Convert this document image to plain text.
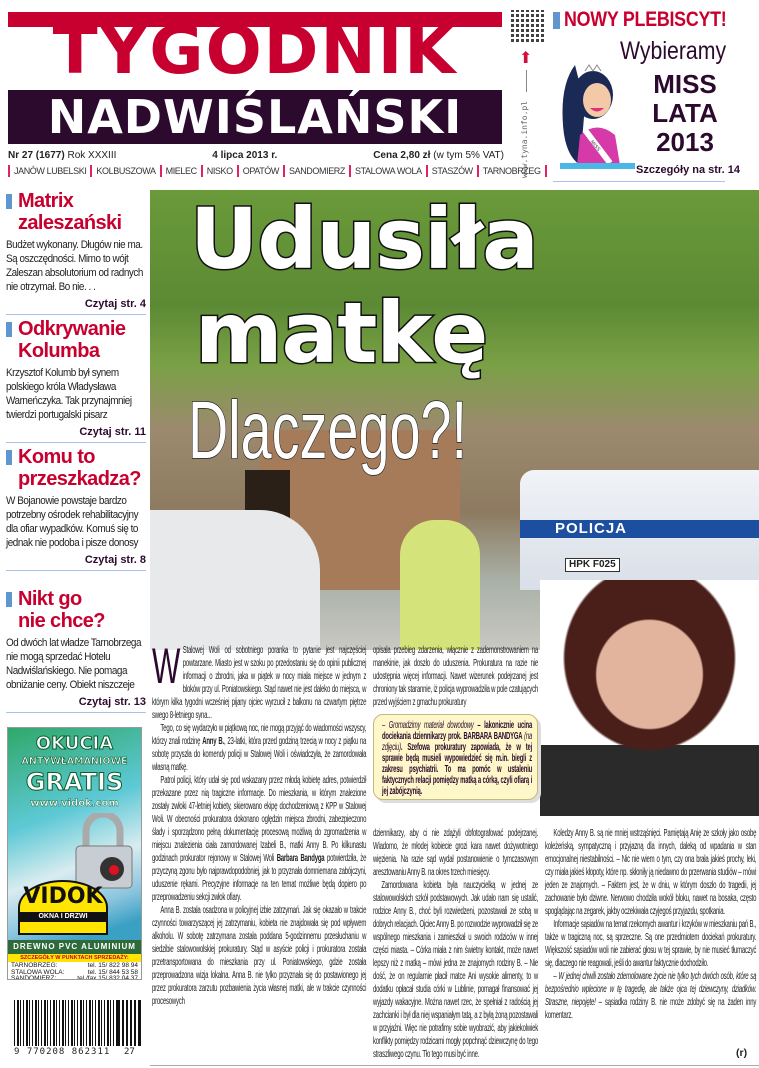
TYGODNIK
NADWIŚLAŃSKI
Nr 27 (1677) Rok XXXIII	4 lipca 2013 r.	Cena 2,80 zł (w tym 5% VAT)
JANÓW LUBELSKI	KOLBUSZOWA	MIELEC	NISKO	OPATÓW	SANDOMIERZ	STALOWA WOLA	STASZÓW	TARNOBRZEG
⬆
www.tyna.info.pl
NOWY PLEBISCYT!
MISS
Wybieramy
MISS
LATA
2013
Szczegóły na str. 14
Matrix
zaleszański

Budżet wykonany. Długów nie ma. Są oszczędności. Mimo to wójt Zaleszan absolutorium od radnych nie otrzymał. Bo nie. . .

Czytaj str. 4
Odkrywanie
Kolumba

Krzysztof Kolumb był synem polskiego króla Władysława Warneńczyka. Tak przynajmniej twierdzi portugalski pisarz

Czytaj str. 11
Komu to
przeszkadza?

W Bojanowie powstaje bardzo potrzebny ośrodek rehabilitacyjny dla ofiar wypadków. Komuś się to jednak nie podoba i pisze donosy

Czytaj str. 8
Nikt go
nie chce?

Od dwóch lat władze Tarnobrzega nie mogą sprzedać Hotelu Nadwiślańskiego. Nie pomaga obniżanie ceny. Obiekt niszczeje

Czytaj str. 13
OKUCIA
ANTYWŁAMANIOWE
GRATIS
www.vidok.com
VIDOK
OKNA I DRZWI
DREWNO PVC ALUMINIUM
SZCZEGÓŁY W PUNKTACH SPRZEDAŻY:
TARNOBRZEG:	tel. 15/ 822 98 94
STALOWA WOLA:	tel. 15/ 844 53 58
SANDOMIERZ:	tel./fax 15/ 832 04 37
9 770208 862311 27
POLICJA
HPK F025
Udusiła
matkę
Dlaczego?!

W Stalowej Woli od sobotniego poranka to pytanie jest najczęściej powtarzane. Miasto jest w szoku po przedostaniu się do opinii publicznej informacji o zbrodni, jaka w piątek w nocy miała miejsce w jednym z bloków przy ul. Poniatowskiego. Stąd nawet nie jest daleko do miejsca, w którym kilka tygodni wcześniej pijany ojciec wyrzucił z balkonu na czwartym piętrze swego 8-letniego syna...

Tego, co się wydarzyło w piątkową noc, nie mogą przyjąć do wiadomości wszyscy, którzy znali rodzinę Anny B., 23-latki, która przed godziną trzecią w nocy z piątku na sobotę przyszła do komendy policji w Stalowej Woli i oświadczyła, że zamordowała własną matkę.

Patrol policji, który udał się pod wskazany przez młodą kobietę adres, potwierdził przekazane przez nią tragiczne informacje. Do mieszkania, w którym znalezione zostały zwłoki 47-letniej kobiety, skierowano ekipę dochodzeniową z KPP w Stalowej Woli. W obecności prokuratora dokonano oględzin miejsca zbrodni, zabezpieczono ślady i sporządzono pełną dokumentację procesową możliwą do zgromadzenia w miejscu znalezienia ciała zamordowanej Izabeli B., matki Anny B. Po kilkunastu godzinach prokurator rejonowy w Stalowej Woli Barbara Bandyga potwierdziła, że przyczyną zgonu było najprawdopodobniej, jak to przyznała domniemana zabójczyni, uduszenie rękami. Precyzyjne informacje na ten temat możliwe będą dopiero po przeprowadzeniu sekcji zwłok ofiary.

Anna B. została osadzona w policyjnej izbie zatrzymań. Jak się okazało w trakcie czynności towarzyszącej jej zatrzymaniu, kobieta nie znajdowała się pod wpływem alkoholu. W sobotę zatrzymana została poddana 5-godzinnemu przesłuchaniu w siedzibie stalowowolskiej prokuratury. Stąd w asyście policji i prokuratora została przetransportowana do mieszkania przy ul. Poniatowskiego, gdzie została przeprowadzona wizja lokalna. Anna B. nie tylko przyznała się do postawionego jej przez prokuratora zarzutu pozbawienia życia własnej matki, ale w trakcie czynności procesowych

opisała przebieg zdarzenia, włącznie z zademonstrowaniem na manekinie, jak doszło do uduszenia. Prokuratura na razie nie udostępnia więcej informacji. Nawet wizerunek podejrzanej jest chroniony tak starannie, iż policja wyprowadziła w pole czatujących przed wyjściem z gmachu prokuratury

– Gromadzimy materiał dowodowy – lakonicznie ucina dociekania dziennikarzy prok. BARBARA BANDYGA (na zdjęciu). Szefowa prokuratury zapowiada, że w tej sprawie będą musieli wypowiedzieć się m.in. biegli z zakresu psychiatrii. To ma pomóc w ustaleniu faktycznych relacji pomiędzy matką a córką, czyli ofiarą i jej zabójczynią.

dziennikarzy, aby ci nie zdążyli obfotografować podejrzanej. Wiadomo, że młodej kobiecie grozi kara nawet dożywotniego więzienia. Na razie sąd wydał postanowienie o tymczasowym aresztowaniu Anny B. na okres trzech miesięcy.

Zamordowana kobieta była nauczycielką w jednej ze stalowowolskich szkół podstawowych. Jak udało nam się ustalić, rodzice Anny B., choć byli rozwiedzeni, pozostawali ze sobą w dobrych relacjach. Ojciec Anny B. po rozwodzie wyprowadził się ze wspólnego mieszkania i zamieszkał u swoich rodziców w innej części miasta. – Córka miała z nim świetny kontakt, może nawet lepszy niż z matką – mówi jedna ze znajomych rodziny B. – Nie dość, że on regularnie płacił matce Ani wysokie alimenty, to w dodatku opłacał studia córki w Lublinie, pomagał finansować jej wyjazdy wakacyjne. Można nawet rzec, że spełniał z radością jej zachcianki i był dla niej wspaniałym tatą, a z byłą żoną pozostawali w przyjaźni. Więc nie potrafimy sobie wyobrazić, aby jakiekolwiek konflikty pomiędzy rodzicami mogły popchnąć dziewczynę do tego straszliwego czynu. Tło tego musi być inne.

Koledzy Anny B. są nie mniej wstrząśnięci. Pamiętają Anię ze szkoły jako osobę koleżeńską, sympatyczną i przyjazną dla innych, daleką od wpadania w stan emocjonalnej niestabilności. – Nic nie wiem o tym, czy ona brała jakieś prochy, leki, czy miała jakieś kłopoty, które np. skłoniły ją niedawno do przerwania studiów – mówi jeden ze znajomych. – Faktem jest, że w dniu, w którym doszło do tragedii, jej zachowanie było dziwne. Nerwowo chodziła wokół bloku, nawet na bosaka, często spoglądając na zegarek, jakby oczekiwała czyjegoś przyjazdu, spotkania.

Informacje sąsiadów na temat rzekomych awantur i krzyków w mieszkaniu pań B., także w tragiczną noc, są sprzeczne. Są one przedmiotem dociekań prokuratury. Większość sąsiadów woli nie zabierać głosu w tej sprawie, by nie musieć tłumaczyć się, dlaczego nie reagowali, jeśli do awantur faktycznie dochodziło.

– W jednej chwili zostało zdemolowane życie nie tylko tych dwóch osób, które są bezpośrednio wplecione w tę tragedię, ale także ojca tej dziewczyny, dziadków. Straszne, niepojęte! – sąsiadka rodziny B. nie może zdobyć się na żaden inny komentarz.

(r)
